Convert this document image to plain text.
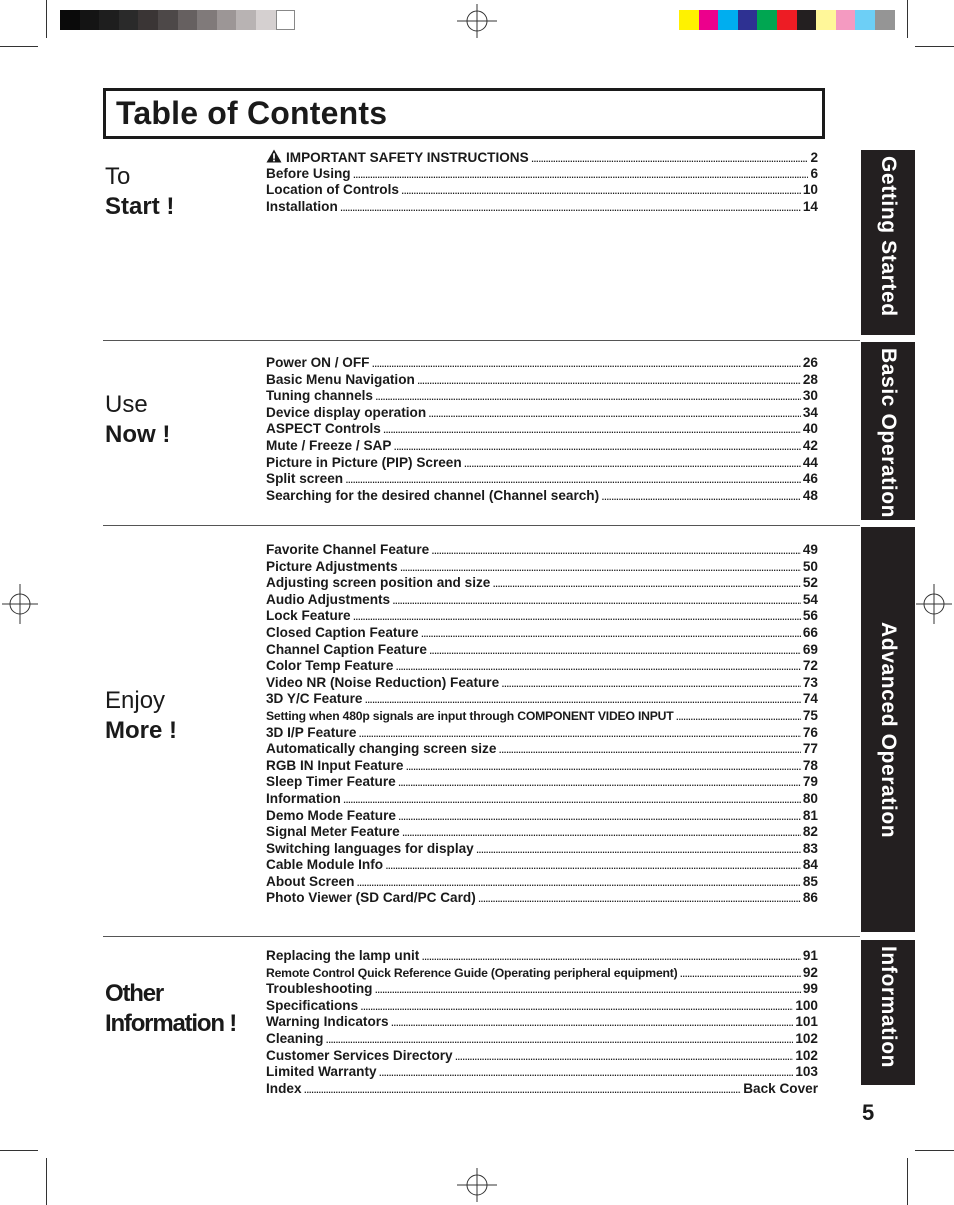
Table of Contents
To
Start !
Use
Now !
Enjoy
More !
Other
Information !
IMPORTANT SAFETY INSTRUCTIONS . . .	2
Before Using . . .	6
Location of Controls . . .	10
Installation . . .	14
Power ON / OFF . . .	26
Basic Menu Navigation . . .	28
Tuning channels . . .	30
Device display operation . . .	34
ASPECT Controls . . .	40
Mute / Freeze / SAP . . .	42
Picture in Picture (PIP) Screen . . .	44
Split screen . . .	46
Searching for the desired channel (Channel search) . . .	48
Favorite Channel Feature . . .	49
Picture Adjustments . . .	50
Adjusting screen position and size . . .	52
Audio Adjustments . . .	54
Lock Feature . . .	56
Closed Caption Feature . . .	66
Channel Caption Feature . . .	69
Color Temp Feature . . .	72
Video NR (Noise Reduction) Feature . . .	73
3D Y/C Feature . . .	74
Setting when 480p signals are input through COMPONENT VIDEO INPUT . . .	75
3D I/P Feature . . .	76
Automatically changing screen size . . .	77
RGB IN Input Feature . . .	78
Sleep Timer Feature . . .	79
Information . . .	80
Demo Mode Feature . . .	81
Signal Meter Feature . . .	82
Switching languages for display . . .	83
Cable Module Info . . .	84
About Screen . . .	85
Photo Viewer (SD Card/PC Card) . . .	86
Replacing the lamp unit . . .	91
Remote Control Quick Reference Guide (Operating peripheral equipment) . . .	92
Troubleshooting . . .	99
Specifications . . .	100
Warning Indicators . . .	101
Cleaning . . .	102
Customer Services Directory . . .	102
Limited Warranty . . .	103
Index . . .	Back Cover
Getting Started
Basic Operation
Advanced Operation
Information
5
